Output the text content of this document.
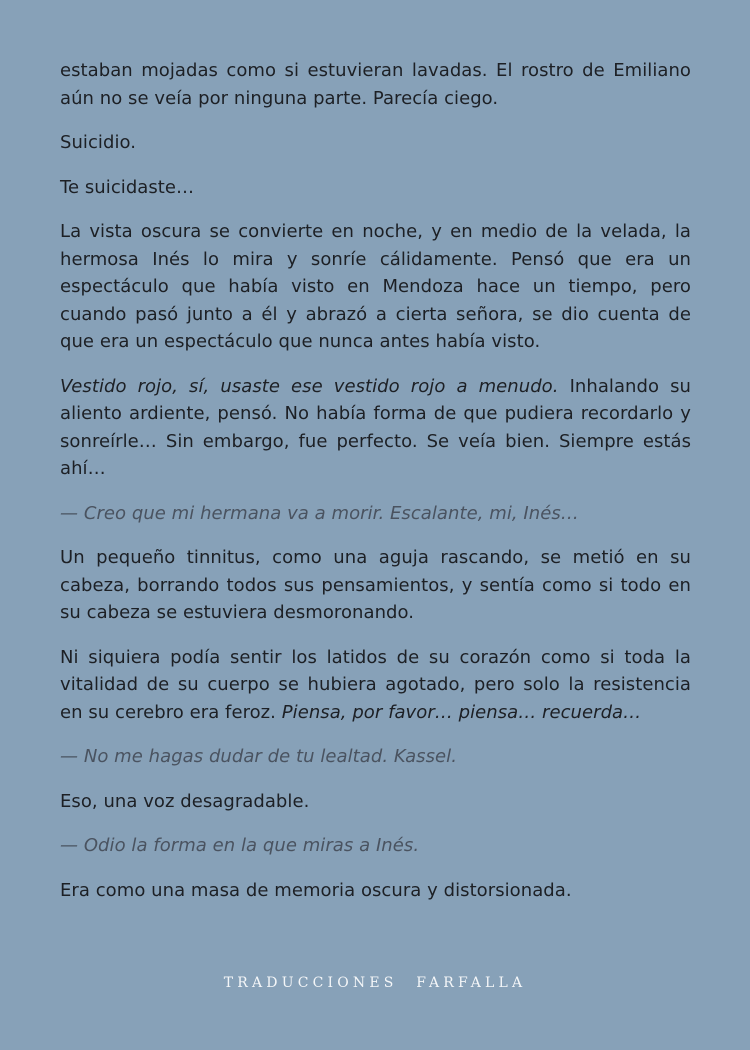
estaban mojadas como si estuvieran lavadas. El rostro de Emiliano aún no se veía por ninguna parte. Parecía ciego.

Suicidio.

Te suicidaste…

La vista oscura se convierte en noche, y en medio de la velada, la hermosa Inés lo mira y sonríe cálidamente. Pensó que era un espectáculo que había visto en Mendoza hace un tiempo, pero cuando pasó junto a él y abrazó a cierta señora, se dio cuenta de que era un espectáculo que nunca antes había visto.

Vestido rojo, sí, usaste ese vestido rojo a menudo. Inhalando su aliento ardiente, pensó. No había forma de que pudiera recordarlo y sonreírle… Sin embargo, fue perfecto. Se veía bien. Siempre estás ahí…

— Creo que mi hermana va a morir. Escalante, mi, Inés…

Un pequeño tinnitus, como una aguja rascando, se metió en su cabeza, borrando todos sus pensamientos, y sentía como si todo en su cabeza se estuviera desmoronando.

Ni siquiera podía sentir los latidos de su corazón como si toda la vitalidad de su cuerpo se hubiera agotado, pero solo la resistencia en su cerebro era feroz. Piensa, por favor… piensa… recuerda…

— No me hagas dudar de tu lealtad. Kassel.

Eso, una voz desagradable.

— Odio la forma en la que miras a Inés.

Era como una masa de memoria oscura y distorsionada.

TRADUCCIONES FARFALLA
